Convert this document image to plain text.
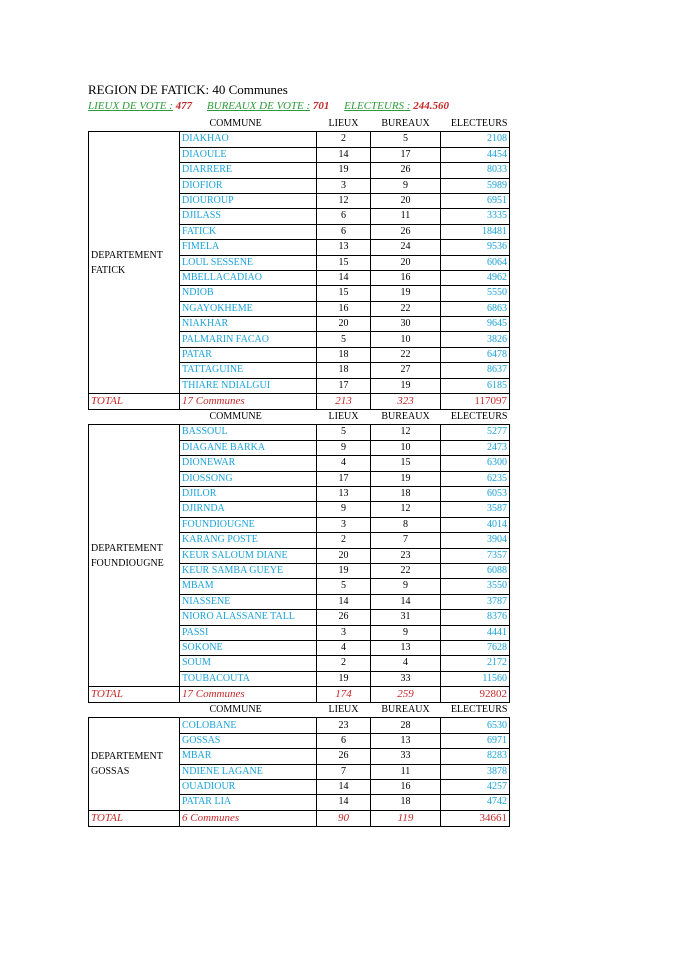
REGION DE FATICK: 40 Communes
LIEUX DE VOTE : 477 BUREAUX DE VOTE : 701 ELECTEURS : 244.560
	COMMUNE	LIEUX	BUREAUX	ELECTEURS

DEPARTEMENT
FATICK	DIAKHAO	2	5	2108
	DIAOULE	14	17	4454
	DIARRERE	19	26	8033
	DIOFIOR	3	9	5989
	DIOUROUP	12	20	6951
	DJILASS	6	11	3335
	FATICK	6	26	18481
	FIMELA	13	24	9536
	LOUL SESSENE	15	20	6064
	MBELLACADIAO	14	16	4962
	NDIOB	15	19	5550
	NGAYOKHEME	16	22	6863
	NIAKHAR	20	30	9645
	PALMARIN FACAO	5	10	3826
	PATAR	18	22	6478
	TATTAGUINE	18	27	8637
	THIARE NDIALGUI	17	19	6185
TOTAL	17 Communes	213	323	117097
	COMMUNE	LIEUX	BUREAUX	ELECTEURS

DEPARTEMENT
FOUNDIOUGNE	BASSOUL	5	12	5277
	DIAGANE BARKA	9	10	2473
	DIONEWAR	4	15	6300
	DIOSSONG	17	19	6235
	DJILOR	13	18	6053
	DJIRNDA	9	12	3587
	FOUNDIOUGNE	3	8	4014
	KARANG POSTE	2	7	3904
	KEUR SALOUM DIANE	20	23	7357
	KEUR SAMBA GUEYE	19	22	6088
	MBAM	5	9	3550
	NIASSENE	14	14	3787
	NIORO ALASSANE TALL	26	31	8376
	PASSI	3	9	4441
	SOKONE	4	13	7628
	SOUM	2	4	2172
	TOUBACOUTA	19	33	11560
TOTAL	17 Communes	174	259	92802
	COMMUNE	LIEUX	BUREAUX	ELECTEURS

DEPARTEMENT
GOSSAS	COLOBANE	23	28	6530
	GOSSAS	6	13	6971
	MBAR	26	33	8283
	NDIENE LAGANE	7	11	3878
	OUADIOUR	14	16	4257
	PATAR LIA	14	18	4742
TOTAL	6 Communes	90	119	34661
